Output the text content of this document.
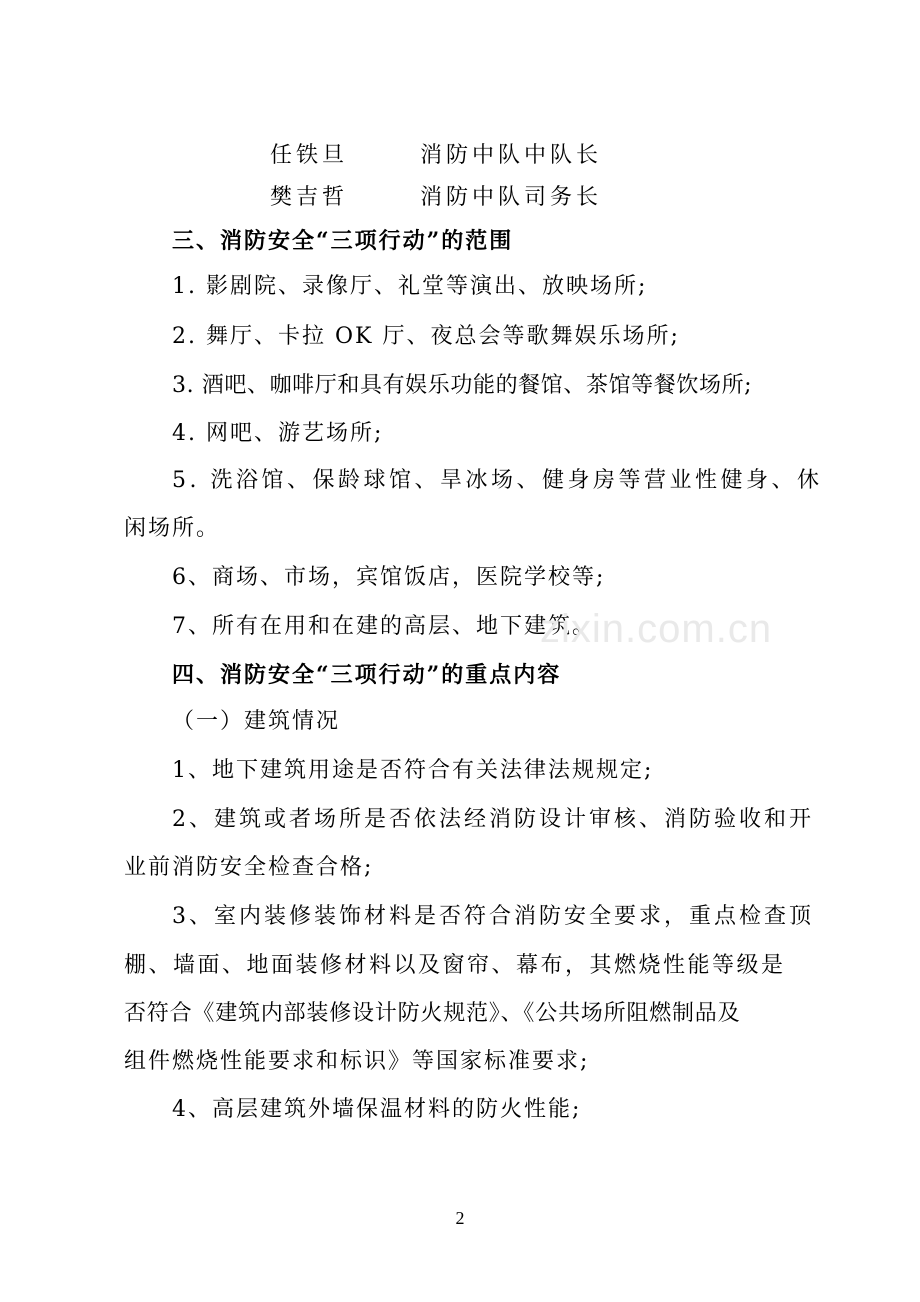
任铁旦	消防中队中队长
樊吉哲	消防中队司务长
三、消防安全“三项行动”的范围
1. 影剧院、录像厅、礼堂等演出、放映场所;
2. 舞厅、卡拉 OK 厅、夜总会等歌舞娱乐场所;
3. 酒吧、咖啡厅和具有娱乐功能的餐馆、茶馆等餐饮场所;
4. 网吧、游艺场所;
5. 洗浴馆、保龄球馆、旱冰场、健身房等营业性健身、休
闲场所。
6、商场、市场，宾馆饭店，医院学校等;
7、所有在用和在建的高层、地下建筑。
zixin.com.cn
四、消防安全“三项行动”的重点内容
（一）建筑情况
1、地下建筑用途是否符合有关法律法规规定;
2、建筑或者场所是否依法经消防设计审核、消防验收和开
业前消防安全检查合格;
3、室内装修装饰材料是否符合消防安全要求，重点检查顶
棚、墙面、地面装修材料以及窗帘、幕布，其燃烧性能等级是
否符合《建筑内部装修设计防火规范》、《公共场所阻燃制品及
组件燃烧性能要求和标识》等国家标准要求;
4、高层建筑外墙保温材料的防火性能;
2
